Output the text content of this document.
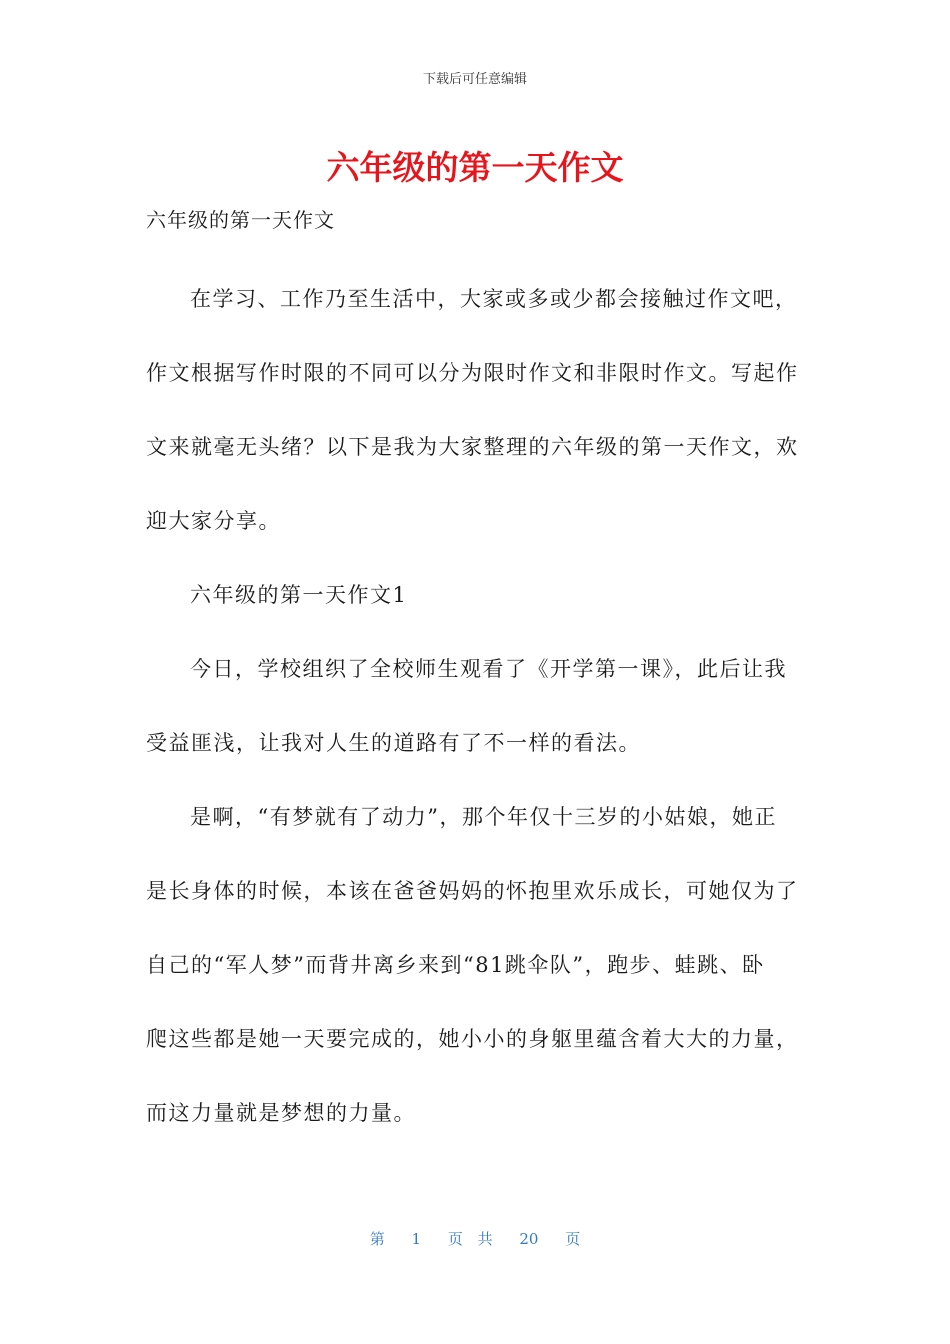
下载后可任意编辑
六年级的第一天作文
六年级的第一天作文
在学习、工作乃至生活中，大家或多或少都会接触过作文吧，
作文根据写作时限的不同可以分为限时作文和非限时作文。写起作
文来就毫无头绪？以下是我为大家整理的六年级的第一天作文，欢
迎大家分享。
六年级的第一天作文1
今日，学校组织了全校师生观看了《开学第一课》，此后让我
受益匪浅，让我对人生的道路有了不一样的看法。
是啊，“有梦就有了动力”，那个年仅十三岁的小姑娘，她正
是长身体的时候，本该在爸爸妈妈的怀抱里欢乐成长，可她仅为了
自己的“军人梦”而背井离乡来到“81跳伞队”，跑步、蛙跳、卧
爬这些都是她一天要完成的，她小小的身躯里蕴含着大大的力量，
而这力量就是梦想的力量。
第 1 页 共 20 页
